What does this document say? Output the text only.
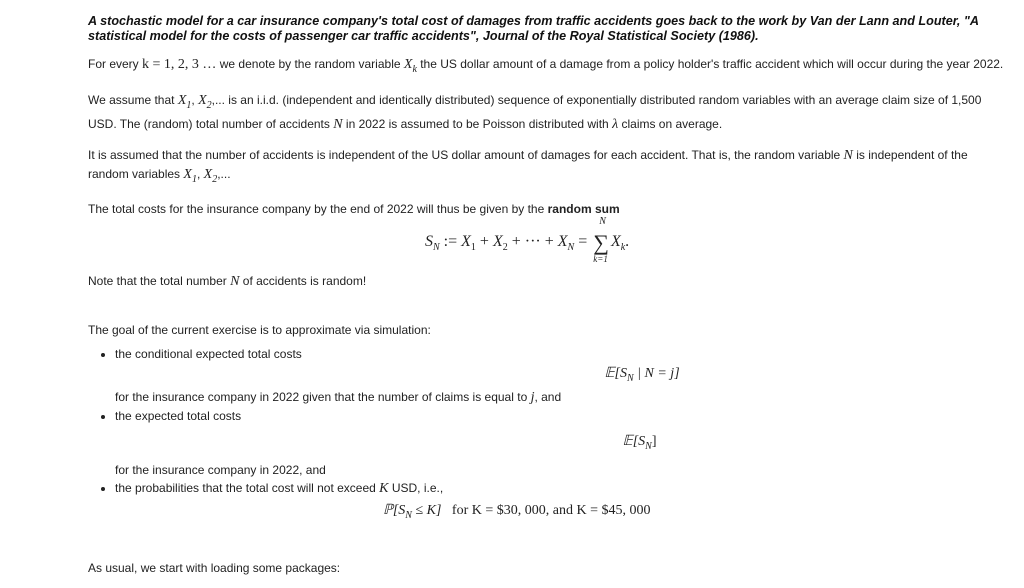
A stochastic model for a car insurance company's total cost of damages from traffic accidents goes back to the work by Van der Lann and Louter, "A statistical model for the costs of passenger car traffic accidents", Journal of the Royal Statistical Society (1986).

For every k = 1, 2, 3 … we denote by the random variable $X_k$ the US dollar amount of a damage from a policy holder's traffic accident which will occur during the year 2022.

We assume that $X_1$, $X_2$,... is an i.i.d. (independent and identically distributed) sequence of exponentially distributed random variables with an average claim size of 1,500 USD. The (random) total number of accidents N in 2022 is assumed to be Poisson distributed with λ claims on average.

It is assumed that the number of accidents is independent of the US dollar amount of damages for each accident. That is, the random variable N is independent of the random variables $X_1$, $X_2$,...

The total costs for the insurance company by the end of 2022 will thus be given by the random sum

$S_N$ := $X_1 + X_2$ + ··· + $X_N$ =
N
∑
k=1
$X_k$.

Note that the total number N of accidents is random!

The goal of the current exercise is to approximate via simulation:

• the conditional expected total costs
$𝔼[S_N$ | N = j]
for the insurance company in 2022 given that the number of claims is equal to j, and
• the expected total costs
$𝔼[S_N]$
for the insurance company in 2022, and
• the probabilities that the total cost will not exceed K USD, i.e.,
$ℙ[S_N \le K]$   for K = $30, 000, and K = $45, 000
As usual, we start with loading some packages:
